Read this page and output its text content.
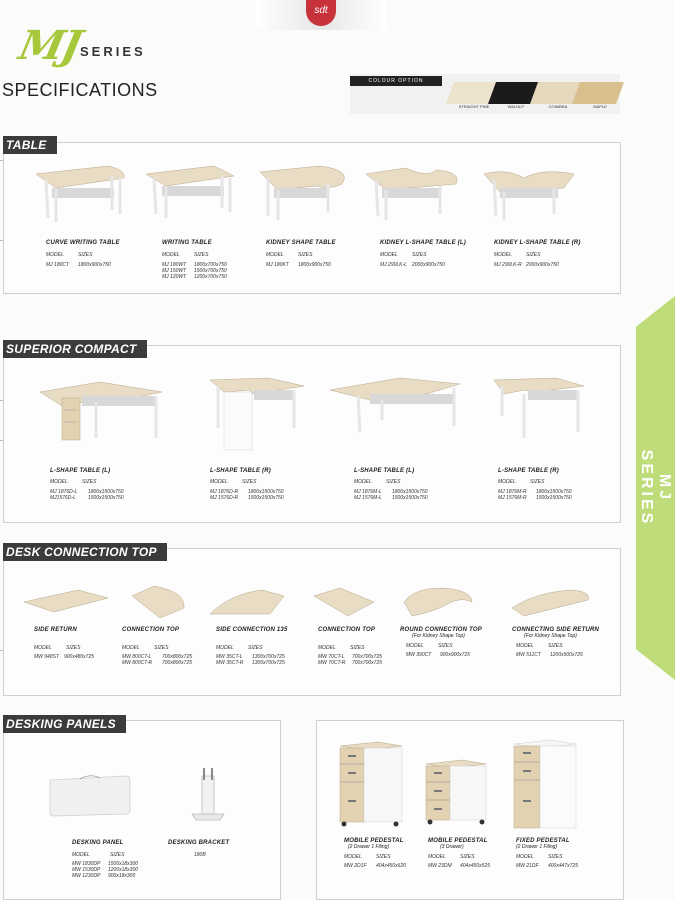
sdt
MJ
SERIES
SPECIFICATIONS	COLOUR OPTION
STRAIGHT PINE	WALNUT	COIMBRA	MAPLE
MJ SERIES
TABLE
CURVE WRITING TABLE
MODEL	SIZES
MJ 180CT 1800x900x750
WRITING TABLE
MODEL	SIZES
MJ 180WT 1800x700x750
MJ 150WT 1500x700x750
MJ 120WT 1200x700x750
KIDNEY SHAPE TABLE
MODEL	SIZES
MJ 180KT 1800x900x750
KIDNEY L-SHAPE TABLE (L)
MODEL	SIZES
MJ 290LK-L 2000x900x750
KIDNEY L-SHAPE TABLE (R)
MODEL	SIZES
MJ 290LK-R 2000x900x750
SUPERIOR COMPACT
L-SHAPE TABLE (L)
MODEL	SIZES
MJ 1876D-L 1800x1500x750
MJ1576D-L 1500x1500x750
L-SHAPE TABLE (R)
MODEL	SIZES
MJ 1876D-R 1800x1500x750
MJ 1576D-R 1500x1500x750
L-SHAPE TABLE (L)
MODEL	SIZES
MJ 1876M-L 1800x1500x750
MJ 1576M-L 1500x1500x750
L-SHAPE TABLE (R)
MODEL	SIZES
MJ 1876M-R 1800x1500x750
MJ 1576M-R 1500x1500x750
DESK CONNECTION TOP
SIDE RETURN
MODEL	SIZES
MW 948ST 900x480x725
CONNECTION TOP
MODEL	SIZES
MW 800CT-L 700x800x725
MW 800CT-R 700x800x725
SIDE CONNECTION 135
MODEL	SIZES
MW 35CT-L 1300x700x725
MW 35CT-R 1300x700x725
CONNECTION TOP
MODEL	SIZES
MW 70CT-L 700x700x725
MW 70CT-R 700x700x725
ROUND CONNECTION TOP
(For Kidney Shape Top)
MODEL	SIZES
MW 390CT 900x900x725
CONNECTING SIDE RETURN
(For Kidney Shape Top)
MODEL	SIZES
MW 511CT 1200x500x725
DESKING PANELS
DESKING PANEL
MODEL	SIZES
MW 1830DP 1500x18x300
MW 1530DP 1200x18x300
MW 1230DP 900x18x300
DESKING BRACKET
180B
MOBILE PEDESTAL
(2 Drawer 1 Filing)
MODEL	SIZES
MW 2D1F 404x450x620
MOBILE PEDESTAL
(3 Drawer)
MODEL	SIZES
MW 23DM 404x450x525
FIXED PEDESTAL
(2 Drawer 1 Filing)
MODEL	SIZES
MW 21DF 400x447x725
